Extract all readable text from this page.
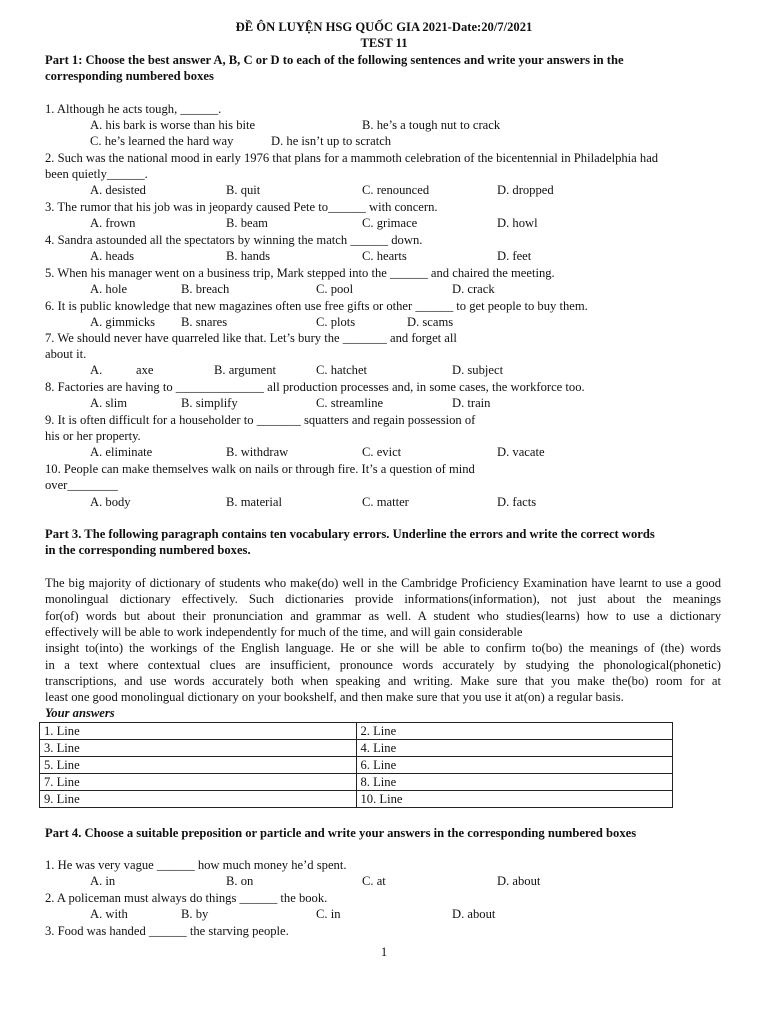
ĐỀ ÔN LUYỆN HSG QUỐC GIA 2021-Date:20/7/2021
TEST 11
Part 1: Choose the best answer A, B, C or D to each of the following sentences and write your answers in the
corresponding numbered boxes
1. Although he acts tough, ______.
A. his bark is worse than his bite	B. he’s a tough nut to crack
C. he’s learned the hard way	D. he isn’t up to scratch
2. Such was the national mood in early 1976 that plans for a mammoth celebration of the bicentennial in Philadelphia had
been quietly______.
A. desisted	B. quit	C. renounced	D. dropped
3. The rumor that his job was in jeopardy caused Pete to______ with concern.
A. frown	B. beam	C. grimace	D. howl
4. Sandra astounded all the spectators by winning the match ______ down.
A. heads	B. hands	C. hearts	D. feet
5. When his manager went on a business trip, Mark stepped into the ______ and chaired the meeting.
A. hole	B. breach	C. pool	D. crack
6. It is public knowledge that new magazines often use free gifts or other ______ to get people to buy them.
A. gimmicks B. snares	C. plots	D. scams
7. We should never have quarreled like that. Let’s bury the _______ and forget all
about it.
A.	axe	B. argument	C. hatchet	D. subject
8. Factories are having to ______________ all production processes and, in some cases, the workforce too.
A. slim	B. simplify	C. streamline	D. train
9. It is often difficult for a householder to _______ squatters and regain possession of
his or her property.
A. eliminate	B. withdraw	C. evict	D. vacate
10. People can make themselves walk on nails or through fire. It’s a question of mind
over________
A. body	B. material	C. matter	D. facts
Part 3. The following paragraph contains ten vocabulary errors. Underline the errors and write the correct words
in the corresponding numbered boxes.
The big majority of dictionary of students who make(do) well in the Cambridge Proficiency Examination have learnt to use a good
monolingual dictionary effectively. Such dictionaries provide informations(information), not just about the meanings
for(of) words but about their pronunciation and grammar as well. A student who studies(learns) how to use a dictionary
effectively will be able to work independently for much of the time, and will gain considerable
insight to(into) the workings of the English language. He or she will be able to confirm to(bo) the meanings of (the) words
in a text where contextual clues are insufficient, pronounce words accurately by studying the phonological(phonetic)
transcriptions, and use words accurately both when speaking and writing. Make sure that you make the(bo) room for at
least one good monolingual dictionary on your bookshelf, and then make sure that you use it at(on) a regular basis.
Your answers
1. Line	2. Line
3. Line	4. Line
5. Line	6. Line
7. Line	8. Line
9. Line	10. Line
Part 4. Choose a suitable preposition or particle and write your answers in the corresponding numbered boxes
1. He was very vague ______ how much money he’d spent.
A. in	B. on	C. at	D. about
2. A policeman must always do things ______ the book.
A. with	B. by	C. in	D. about
3. Food was handed ______ the starving people.
1
